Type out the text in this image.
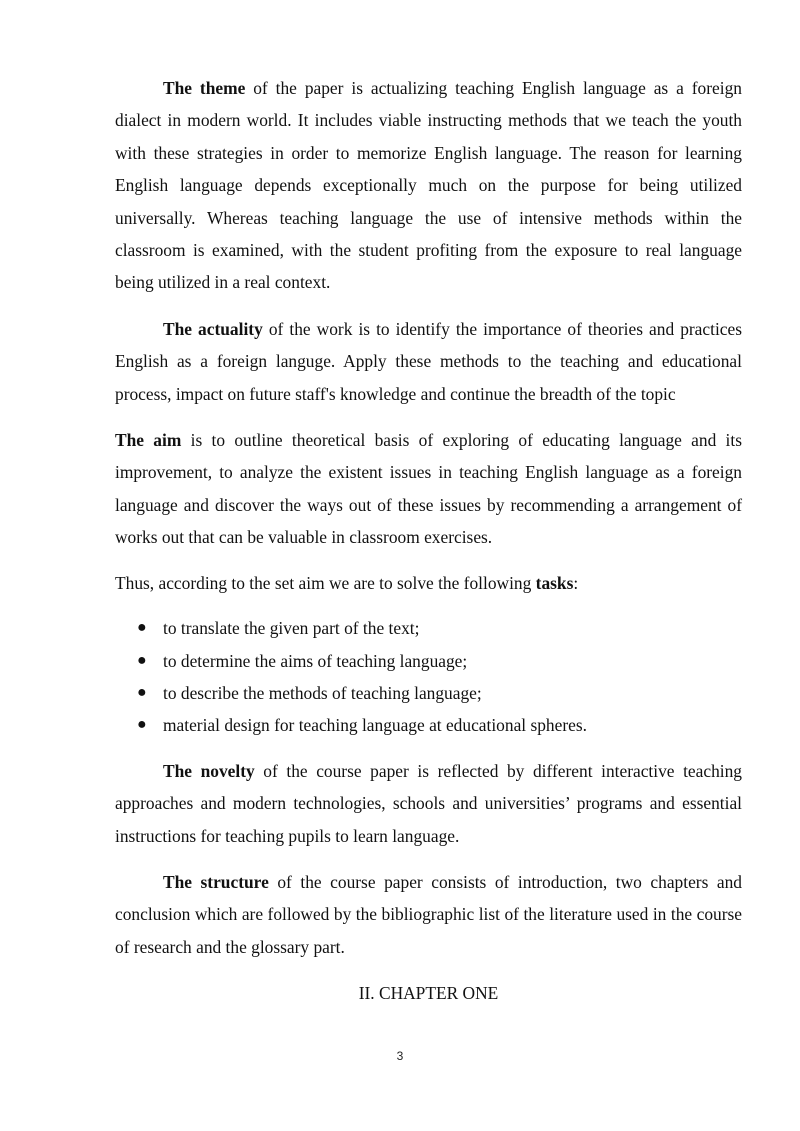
The theme of the paper is actualizing teaching English language as a foreign dialect in modern world. It includes viable instructing methods that we teach the youth with these strategies in order to memorize English language. The reason for learning English language depends exceptionally much on the purpose for being utilized universally. Whereas teaching language the use of intensive methods within the classroom is examined, with the student profiting from the exposure to real language being utilized in a real context.

The actuality of the work is to identify the importance of theories and practices English as a foreign languge. Apply these methods to the teaching and educational process, impact on future staff's knowledge and continue the breadth of the topic

The aim is to outline theoretical basis of exploring of educating language and its improvement, to analyze the existent issues in teaching English language as a foreign language and discover the ways out of these issues by recommending a arrangement of works out that can be valuable in classroom exercises.

Thus, according to the set aim we are to solve the following tasks:

● to translate the given part of the text;
● to determine the aims of teaching language;
● to describe the methods of teaching language;
● material design for teaching language at educational spheres.

The novelty of the course paper is reflected by different interactive teaching approaches and modern technologies, schools and universities’ programs and essential instructions for teaching pupils to learn language.

The structure of the course paper consists of introduction, two chapters and conclusion which are followed by the bibliographic list of the literature used in the course of research and the glossary part.

II. CHAPTER ONE
3
